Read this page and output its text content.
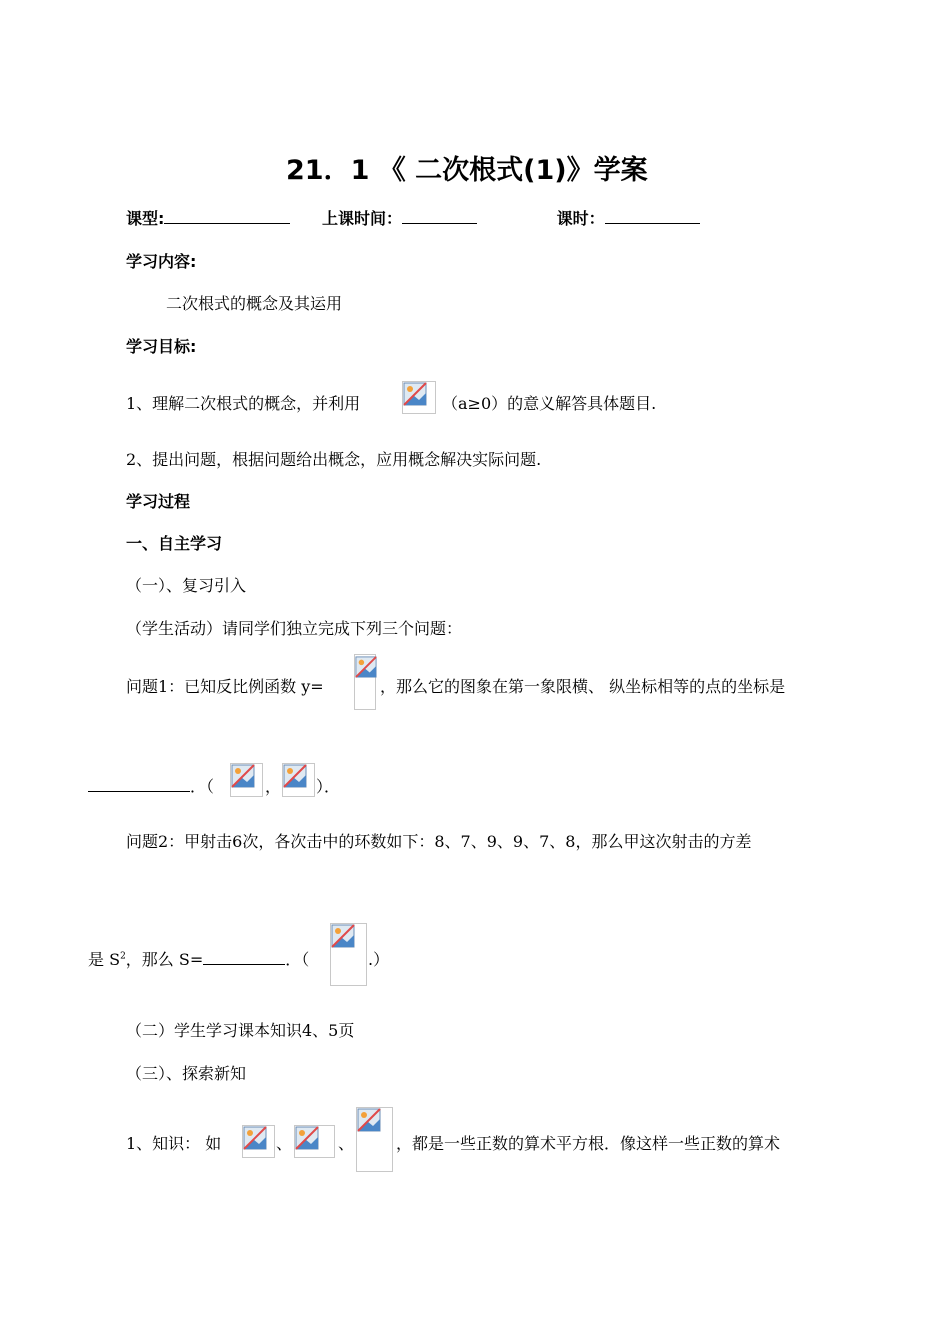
21．1 《 二次根式(1)》学案
课型:	上课时间：	课时：
学习内容:
二次根式的概念及其运用
学习目标:
1、理解二次根式的概念，并利用	（a≥0）的意义解答具体题目.
2、提出问题，根据问题给出概念，应用概念解决实际问题.
学习过程
一、自主学习
（一）、复习引入
（学生活动）请同学们独立完成下列三个问题：
问题1：已知反比例函数 y=	，那么它的图象在第一象限横、 纵坐标相等的点的坐标是
．（	， ）．
问题2：甲射击6次，各次击中的环数如下：8、7、9、9、7、8，那么甲这次射击的方差
是 $S^2$，那么 S=	．（	.）
（二）学生学习课本知识4、5页
（三）、探索新知
1、知识： 如	、	、	，都是一些正数的算术平方根．像这样一些正数的算术
